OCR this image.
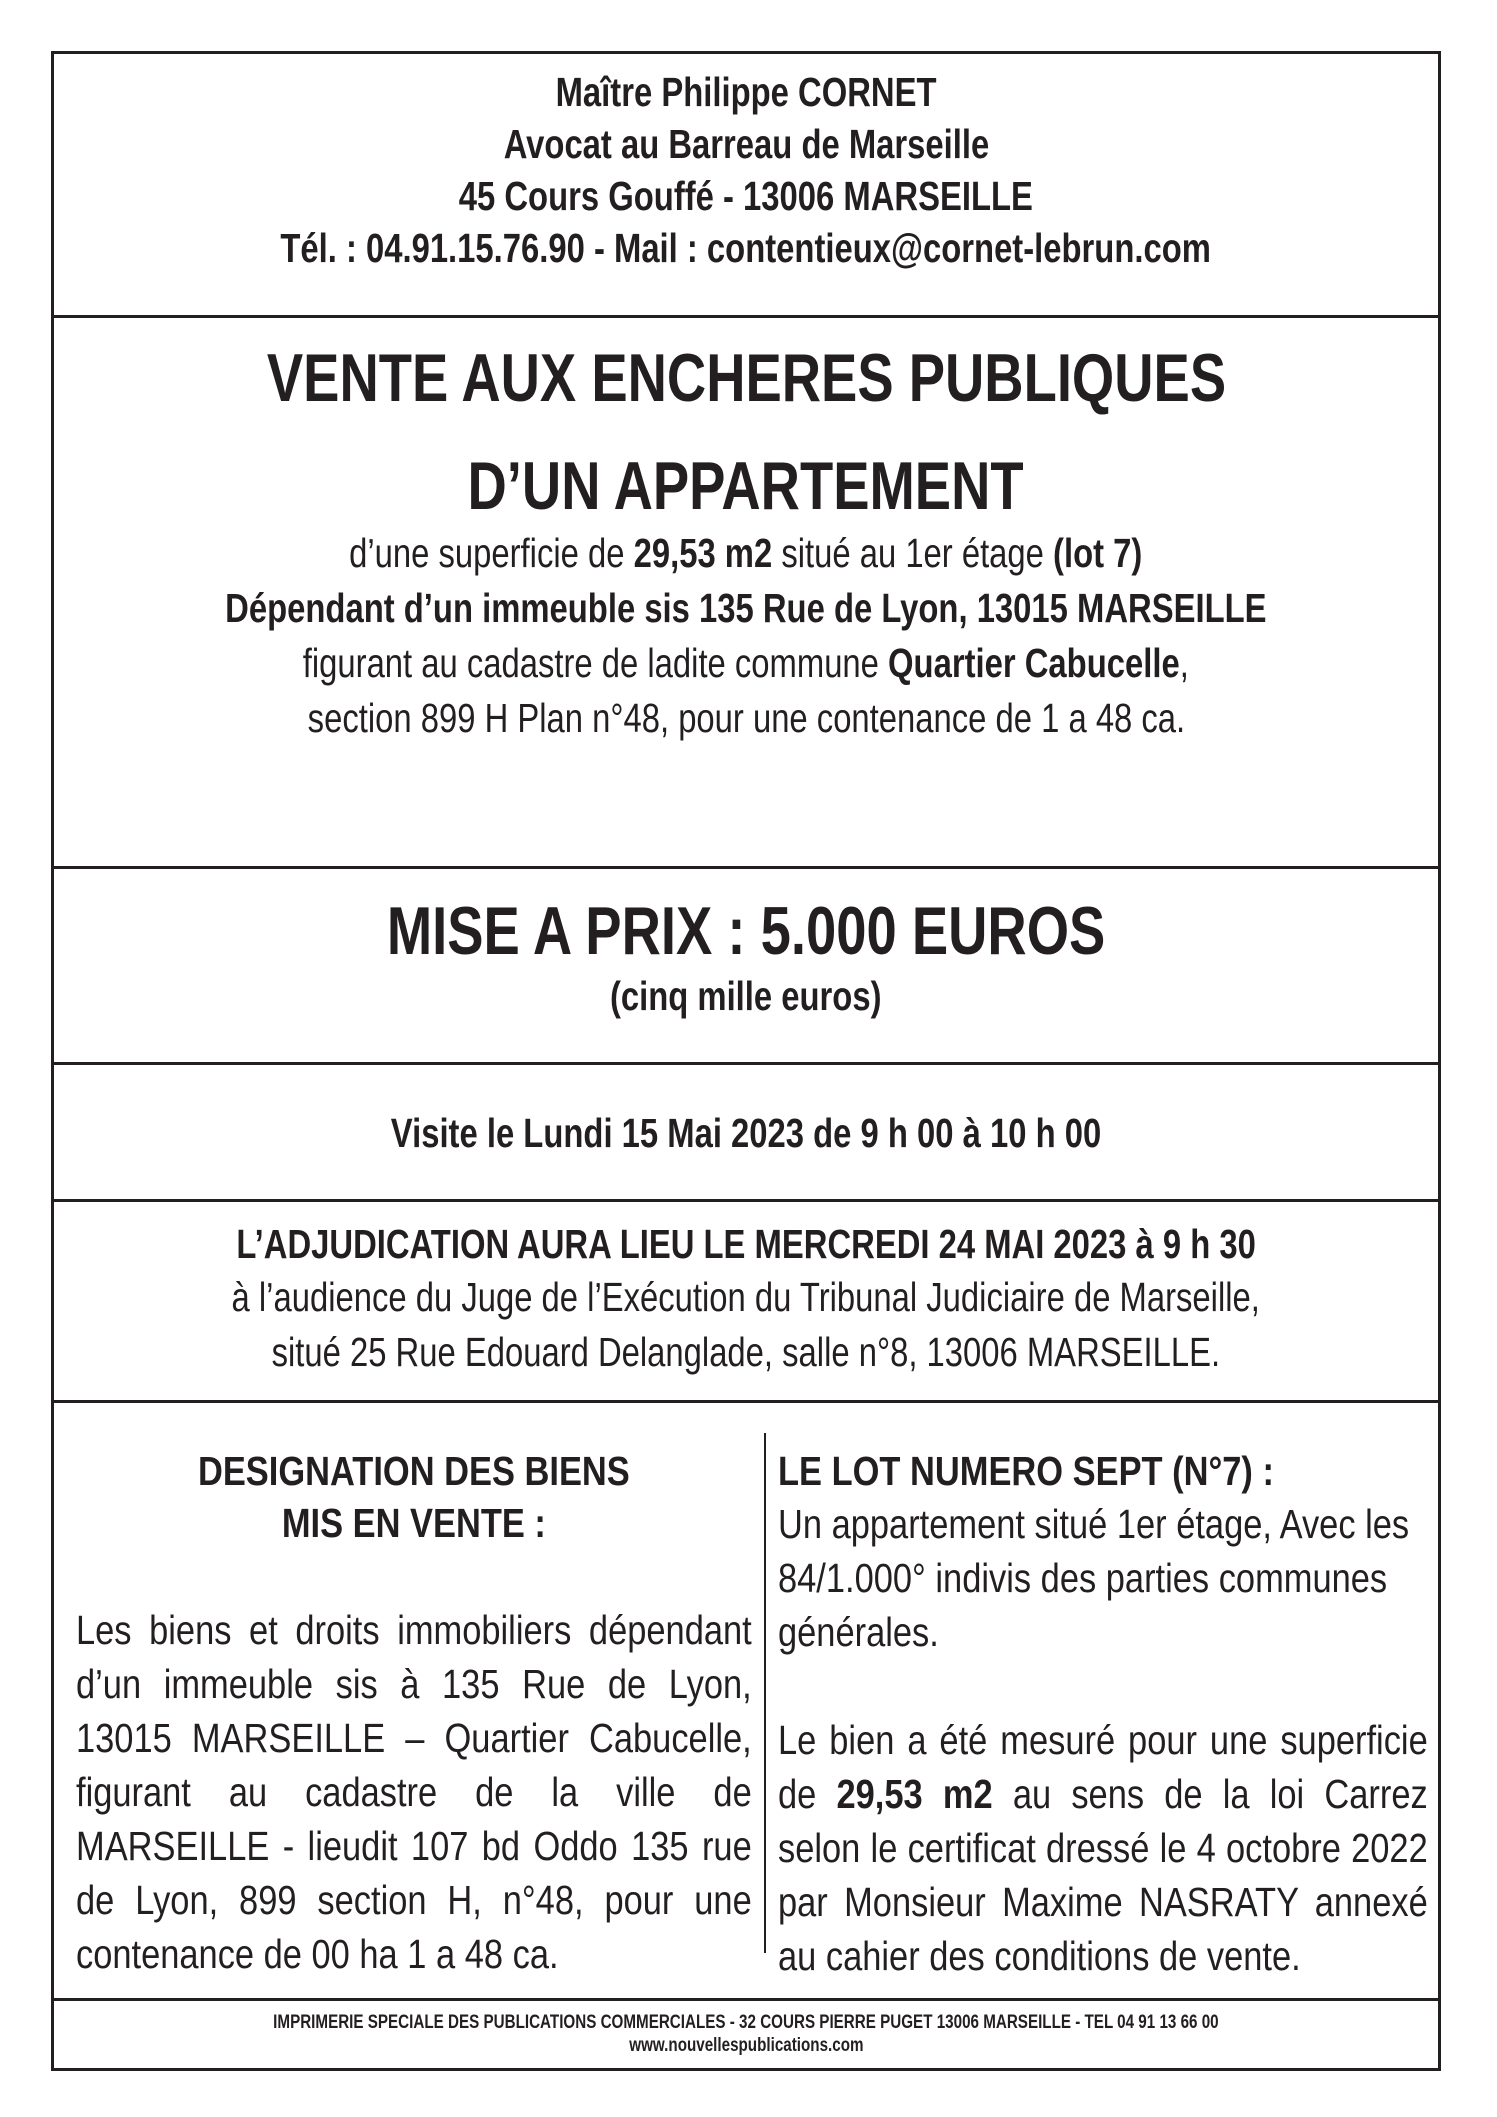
Maître Philippe CORNET
Avocat au Barreau de Marseille
45 Cours Gouffé - 13006 MARSEILLE
Tél. : 04.91.15.76.90 - Mail : contentieux@cornet-lebrun.com
VENTE AUX ENCHERES PUBLIQUES
D’UN APPARTEMENT
d’une superficie de 29,53 m2 situé au 1er étage (lot 7)
Dépendant d’un immeuble sis 135 Rue de Lyon, 13015 MARSEILLE
figurant au cadastre de ladite commune Quartier Cabucelle,
section 899 H Plan n°48, pour une contenance de 1 a 48 ca.
MISE A PRIX : 5.000 EUROS
(cinq mille euros)
Visite le Lundi 15 Mai 2023 de 9 h 00 à 10 h 00
L’ADJUDICATION AURA LIEU LE MERCREDI 24 MAI 2023 à 9 h 30
à l’audience du Juge de l’Exécution du Tribunal Judiciaire de Marseille,
situé 25 Rue Edouard Delanglade, salle n°8, 13006 MARSEILLE.
DESIGNATION DES BIENS
MIS EN VENTE :
Les biens et droits immobiliers dépendant d’un immeuble sis à 135 Rue de Lyon, 13015 MARSEILLE – Quartier Cabucelle, figurant au cadastre de la ville de MARSEILLE - lieudit 107 bd Oddo 135 rue de Lyon, 899 section H, n°48, pour une contenance de 00 ha 1 a 48 ca.
LE LOT NUMERO SEPT (N°7) :
Un appartement situé 1er étage, Avec les 84/1.000° indivis des parties communes générales.
Le bien a été mesuré pour une superficie de 29,53 m2 au sens de la loi Carrez selon le certificat dressé le 4 octobre 2022 par Monsieur Maxime NASRATY annexé au cahier des conditions de vente.
IMPRIMERIE SPECIALE DES PUBLICATIONS COMMERCIALES - 32 COURS PIERRE PUGET 13006 MARSEILLE - TEL 04 91 13 66 00
www.nouvellespublications.com
